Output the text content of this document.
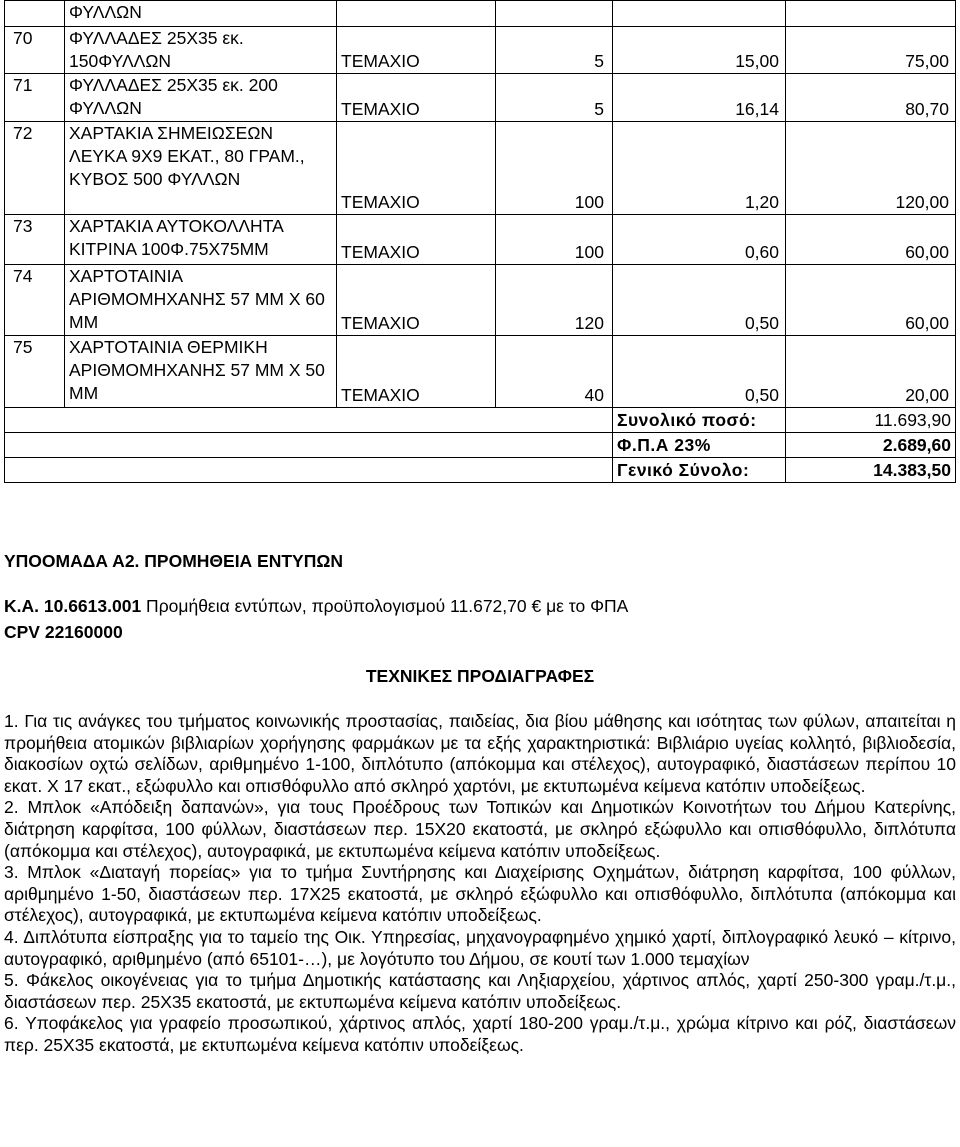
	ΦΥΛΛΩΝ				
70	ΦΥΛΛΑΔΕΣ 25Χ35 εκ. 150ΦΥΛΛΩΝ	ΤΕΜΑΧΙΟ	5	15,00	75,00
71	ΦΥΛΛΑΔΕΣ 25Χ35 εκ. 200 ΦΥΛΛΩΝ	ΤΕΜΑΧΙΟ	5	16,14	80,70
72	ΧΑΡΤΑΚΙΑ ΣΗΜΕΙΩΣΕΩΝ ΛΕΥΚΑ 9Χ9 ΕΚΑΤ., 80 ΓΡΑΜ., ΚΥΒΟΣ 500 ΦΥΛΛΩΝ	ΤΕΜΑΧΙΟ	100	1,20	120,00
73	ΧΑΡΤΑΚΙΑ ΑΥΤΟΚΟΛΛΗΤΑ ΚΙΤΡΙΝΑ 100Φ.75Χ75ΜΜ	ΤΕΜΑΧΙΟ	100	0,60	60,00
74	ΧΑΡΤΟΤΑΙΝΙΑ ΑΡΙΘΜΟΜΗΧΑΝΗΣ 57 ΜΜ Χ 60 ΜΜ	ΤΕΜΑΧΙΟ	120	0,50	60,00
75	ΧΑΡΤΟΤΑΙΝΙΑ ΘΕΡΜΙΚΗ ΑΡΙΘΜΟΜΗΧΑΝΗΣ 57 ΜΜ Χ 50 ΜΜ	ΤΕΜΑΧΙΟ	40	0,50	20,00
				Συνολικό ποσό:	11.693,90
				Φ.Π.Α 23%	2.689,60
				Γενικό Σύνολο:	14.383,50
ΥΠΟΟΜΑΔΑ Α2. ΠΡΟΜΗΘΕΙΑ ΕΝΤΥΠΩΝ
Κ.Α. 10.6613.001 Προμήθεια εντύπων, προϋπολογισμού 11.672,70 € με το ΦΠΑ
CPV 22160000
ΤΕΧΝΙΚΕΣ ΠΡΟΔΙΑΓΡΑΦΕΣ

1. Για τις ανάγκες του τμήματος κοινωνικής προστασίας, παιδείας, δια βίου μάθησης και ισότητας των φύλων, απαιτείται η προμήθεια ατομικών βιβλιαρίων χορήγησης φαρμάκων με τα εξής χαρακτηριστικά: Βιβλιάριο υγείας κολλητό, βιβλιοδεσία, διακοσίων οχτώ σελίδων, αριθμημένο 1-100, διπλότυπο (απόκομμα και στέλεχος), αυτογραφικό, διαστάσεων περίπου 10 εκατ. Χ 17 εκατ., εξώφυλλο και οπισθόφυλλο από σκληρό χαρτόνι, με εκτυπωμένα κείμενα κατόπιν υποδείξεως.

2. Μπλοκ «Απόδειξη δαπανών», για τους Προέδρους των Τοπικών και Δημοτικών Κοινοτήτων του Δήμου Κατερίνης, διάτρηση καρφίτσα, 100 φύλλων, διαστάσεων περ. 15Χ20 εκατοστά, με σκληρό εξώφυλλο και οπισθόφυλλο, διπλότυπα (απόκομμα και στέλεχος), αυτογραφικά, με εκτυπωμένα κείμενα κατόπιν υποδείξεως.

3. Μπλοκ «Διαταγή πορείας» για το τμήμα Συντήρησης και Διαχείρισης Οχημάτων, διάτρηση καρφίτσα, 100 φύλλων, αριθμημένο 1-50, διαστάσεων περ. 17Χ25 εκατοστά, με σκληρό εξώφυλλο και οπισθόφυλλο, διπλότυπα (απόκομμα και στέλεχος), αυτογραφικά, με εκτυπωμένα κείμενα κατόπιν υποδείξεως.

4. Διπλότυπα είσπραξης για το ταμείο της Οικ. Υπηρεσίας, μηχανογραφημένο χημικό χαρτί, διπλογραφικό λευκό – κίτρινο, αυτογραφικό, αριθμημένο (από 65101-…), με λογότυπο του Δήμου, σε κουτί των 1.000 τεμαχίων

5. Φάκελος οικογένειας για το τμήμα Δημοτικής κατάστασης και Ληξιαρχείου, χάρτινος απλός, χαρτί 250-300 γραμ./τ.μ., διαστάσεων περ. 25Χ35 εκατοστά, με εκτυπωμένα κείμενα κατόπιν υποδείξεως.

6. Υποφάκελος για γραφείο προσωπικού, χάρτινος απλός, χαρτί 180-200 γραμ./τ.μ., χρώμα κίτρινο και ρόζ, διαστάσεων περ. 25Χ35 εκατοστά, με εκτυπωμένα κείμενα κατόπιν υποδείξεως.
